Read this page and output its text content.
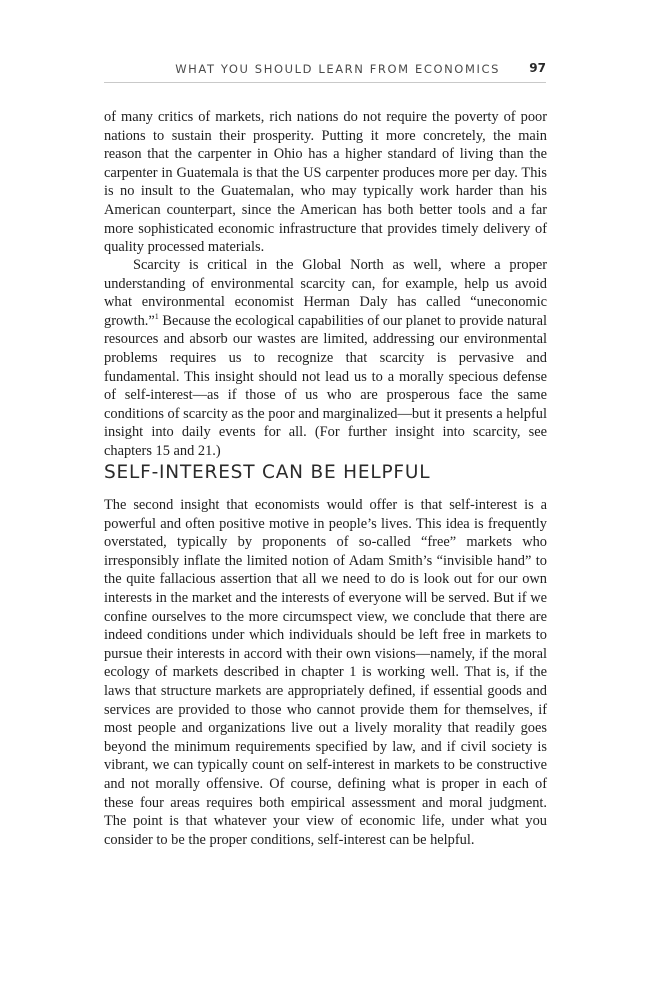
WHAT YOU SHOULD LEARN FROM ECONOMICS 97

of many critics of markets, rich nations do not require the poverty of poor nations to sustain their prosperity. Putting it more concretely, the main reason that the carpenter in Ohio has a higher standard of living than the carpenter in Guatemala is that the US carpenter produces more per day. This is no insult to the Guatemalan, who may typically work harder than his American counterpart, since the American has both better tools and a far more sophisticated economic infrastructure that provides timely delivery of quality processed materials.

Scarcity is critical in the Global North as well, where a proper understanding of environmental scarcity can, for example, help us avoid what environmental economist Herman Daly has called “uneconomic growth.”$^1$ Because the ecological capabilities of our planet to provide natural resources and absorb our wastes are limited, addressing our environmental problems requires us to recognize that scarcity is pervasive and fundamental. This insight should not lead us to a morally specious defense of self-interest—as if those of us who are prosperous face the same conditions of scarcity as the poor and marginalized—but it presents a helpful insight into daily events for all. (For further insight into scarcity, see chapters 15 and 21.)

SELF-INTEREST CAN BE HELPFUL

The second insight that economists would offer is that self-interest is a powerful and often positive motive in people’s lives. This idea is frequently overstated, typically by proponents of so-called “free” markets who irresponsibly inflate the limited notion of Adam Smith’s “invisible hand” to the quite fallacious assertion that all we need to do is look out for our own interests in the market and the interests of everyone will be served. But if we confine ourselves to the more circumspect view, we conclude that there are indeed conditions under which individuals should be left free in markets to pursue their interests in accord with their own visions—namely, if the moral ecology of markets described in chapter 1 is working well. That is, if the laws that structure markets are appropriately defined, if essential goods and services are provided to those who cannot provide them for themselves, if most people and organizations live out a lively morality that readily goes beyond the minimum requirements specified by law, and if civil society is vibrant, we can typically count on self-interest in markets to be constructive and not morally offensive. Of course, defining what is proper in each of these four areas requires both empirical assessment and moral judgment. The point is that whatever your view of economic life, under what you consider to be the proper conditions, self-interest can be helpful.
